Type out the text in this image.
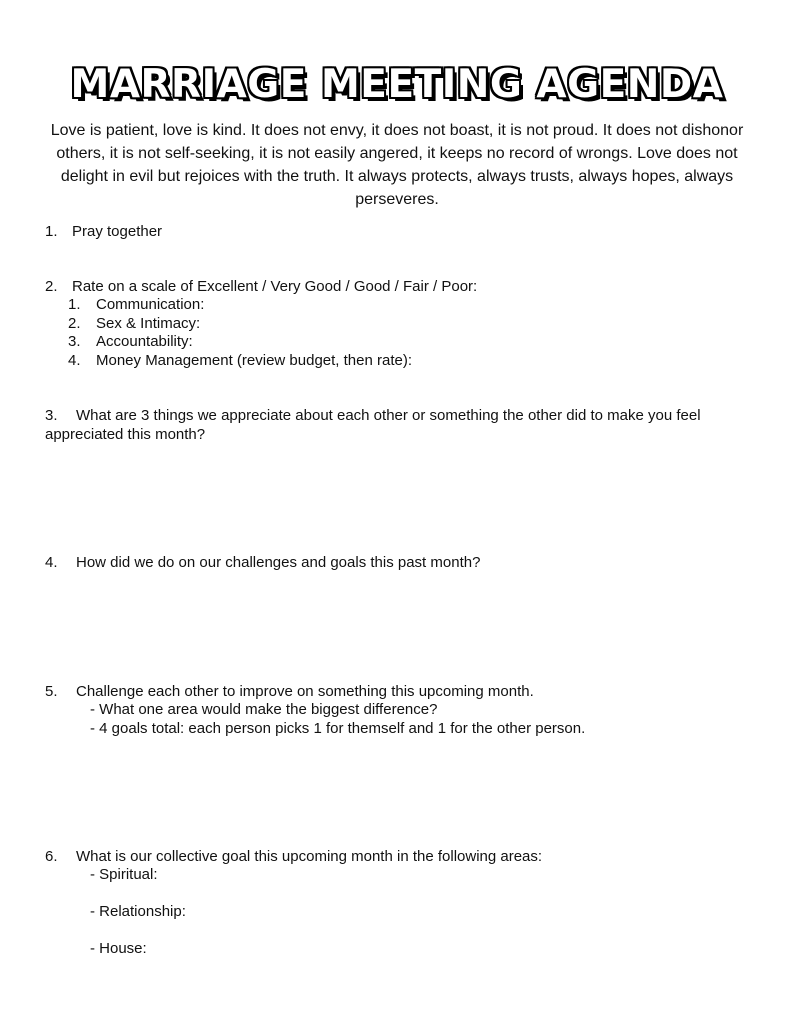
MARRIAGE MEETING AGENDA
Love is patient, love is kind. It does not envy, it does not boast, it is not proud. It does not dishonor others, it is not self-seeking, it is not easily angered, it keeps no record of wrongs. Love does not delight in evil but rejoices with the truth. It always protects, always trusts, always hopes, always perseveres.
1. Pray together
2. Rate on a scale of Excellent / Very Good / Good / Fair / Poor:
1. Communication:
2. Sex & Intimacy:
3. Accountability:
4. Money Management (review budget, then rate):
3. What are 3 things we appreciate about each other or something the other did to make you feel
appreciated this month?
4. How did we do on our challenges and goals this past month?
5. Challenge each other to improve on something this upcoming month.
- What one area would make the biggest difference?
- 4 goals total: each person picks 1 for themself and 1 for the other person.
6. What is our collective goal this upcoming month in the following areas:
- Spiritual:
- Relationship:
- House:
